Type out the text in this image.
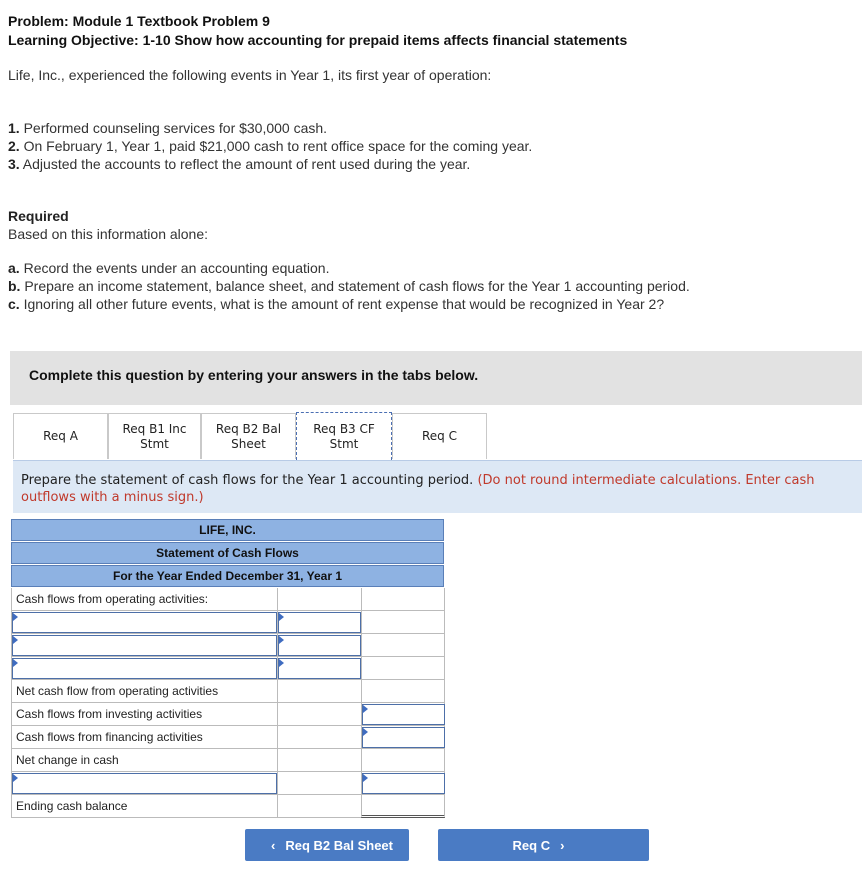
Problem: Module 1 Textbook Problem 9
Learning Objective: 1-10 Show how accounting for prepaid items affects financial statements
Life, Inc., experienced the following events in Year 1, its first year of operation:
1. Performed counseling services for $30,000 cash.
2. On February 1, Year 1, paid $21,000 cash to rent office space for the coming year.
3. Adjusted the accounts to reflect the amount of rent used during the year.
Required
Based on this information alone:
a. Record the events under an accounting equation.
b. Prepare an income statement, balance sheet, and statement of cash flows for the Year 1 accounting period.
c. Ignoring all other future events, what is the amount of rent expense that would be recognized in Year 2?
Complete this question by entering your answers in the tabs below.
Req A
Req B1 Inc
Stmt
Req B2 Bal
Sheet
Req B3 CF
Stmt
Req C
Prepare the statement of cash flows for the Year 1 accounting period. (Do not round intermediate calculations. Enter cash outflows with a minus sign.)
LIFE, INC.
Statement of Cash Flows
For the Year Ended December 31, Year 1
Cash flows from operating activities:
Net cash flow from operating activities
Cash flows from investing activities
Cash flows from financing activities
Net change in cash
Ending cash balance
‹ Req B2 Bal Sheet	Req C ›
